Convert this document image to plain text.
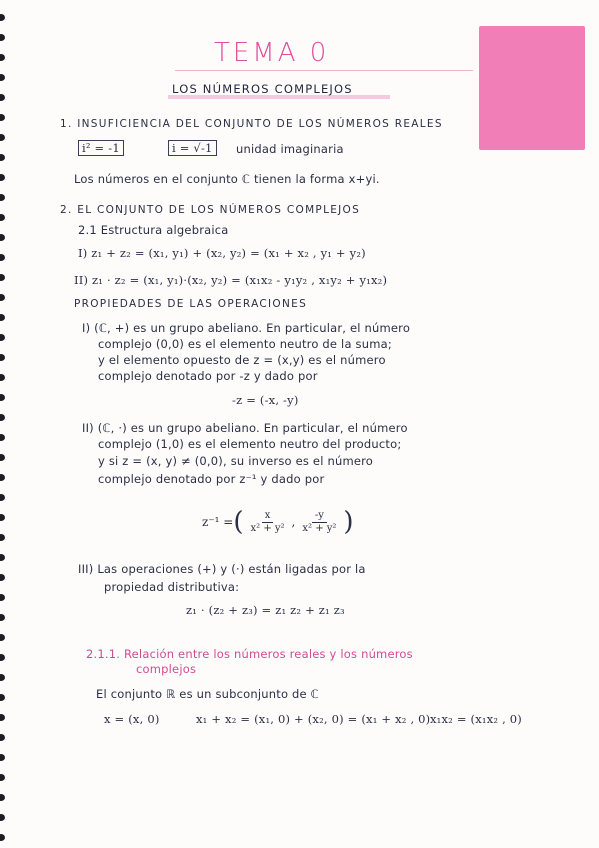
TEMA 0
LOS NÚMEROS COMPLEJOS
1. INSUFICIENCIA DEL CONJUNTO DE LOS NÚMEROS REALES
i² = -1	i = √-1	unidad imaginaria
Los números en el conjunto ℂ tienen la forma x+yi.
2. EL CONJUNTO DE LOS NÚMEROS COMPLEJOS
2.1 Estructura algebraica
I) z₁ + z₂ = (x₁, y₁) + (x₂, y₂) = (x₁ + x₂ , y₁ + y₂)
II) z₁ · z₂ = (x₁, y₁)·(x₂, y₂) = (x₁x₂ - y₁y₂ , x₁y₂ + y₁x₂)
PROPIEDADES DE LAS OPERACIONES
I) (ℂ, +) es un grupo abeliano. En particular, el número
complejo (0,0) es el elemento neutro de la suma;
y el elemento opuesto de z = (x,y) es el número
complejo denotado por -z y dado por
-z = (-x, -y)
II) (ℂ, ·) es un grupo abeliano. En particular, el número
complejo (1,0) es el elemento neutro del producto;
y si z = (x, y) ≠ (0,0), su inverso es el número
complejo denotado por z⁻¹ y dado por
z⁻¹ = ( $\frac{x}{\text{x² + y²}}$ , $\frac{-y}{\text{x² + y²}}$ )
III) Las operaciones (+) y (·) están ligadas por la
propiedad distributiva:
z₁ · (z₂ + z₃) = z₁ z₂ + z₁ z₃
2.1.1. Relación entre los números reales y los números
complejos
El conjunto ℝ es un subconjunto de ℂ
x = (x, 0)	x₁ + x₂ = (x₁, 0) + (x₂, 0) = (x₁ + x₂ , 0) x₁x₂ = (x₁x₂ , 0)
